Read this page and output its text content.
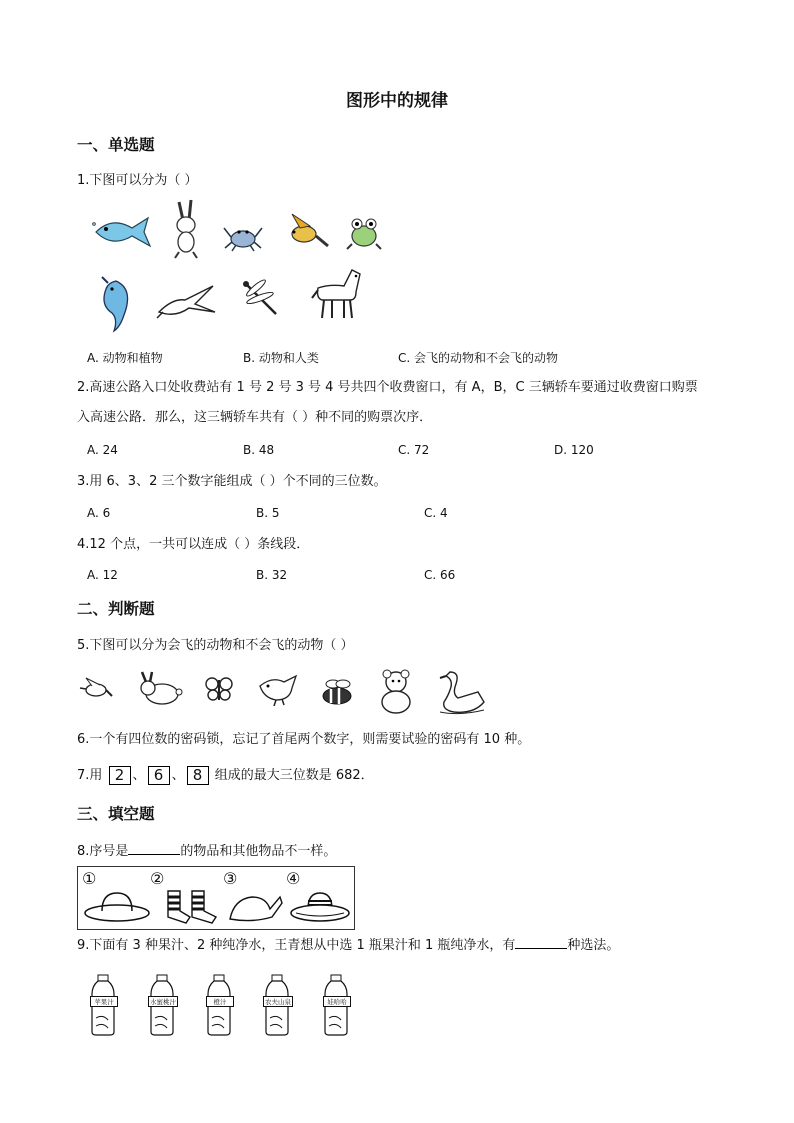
图形中的规律
一、单选题
1.下图可以分为（ ）
A. 动物和植物	B. 动物和人类	C. 会飞的动物和不会飞的动物
2.高速公路入口处收费站有 1 号 2 号 3 号 4 号共四个收费窗口，有 A，B，C 三辆轿车要通过收费窗口购票
入高速公路．那么，这三辆轿车共有（ ）种不同的购票次序．
A. 24	B. 48	C. 72	D. 120
3.用 6、3、2 三个数字能组成（ ）个不同的三位数。
A. 6	B. 5	C. 4
4.12 个点，一共可以连成（ ）条线段．
A. 12	B. 32	C. 66
二、判断题
5.下图可以分为会飞的动物和不会飞的动物（ ）
6.一个有四位数的密码锁，忘记了首尾两个数字，则需要试验的密码有 10 种。
7.用 2 、 6 、 8 组成的最大三位数是 682．
三、填空题
8.序号是	的物品和其他物品不一样。
①	②	③	④
9.下面有 3 种果汁、2 种纯净水，王青想从中选 1 瓶果汁和 1 瓶纯净水，有	种选法。
苹果汁	水蜜桃汁	橙汁	农夫山泉	娃哈哈
